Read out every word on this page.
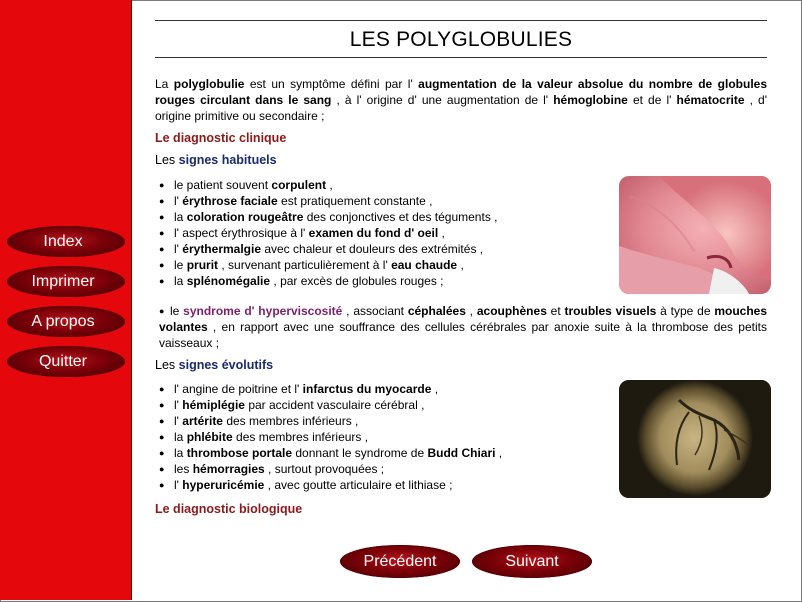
Index
Imprimer
A propos
Quitter
LES POLYGLOBULIES
La polyglobulie est un symptôme défini par l' augmentation de la valeur absolue du nombre de globules rouges circulant dans le sang , à l' origine d' une augmentation de l' hémoglobine et de l' hématocrite , d' origine primitive ou secondaire ;
Le diagnostic clinique
Les signes habituels
● le patient souvent corpulent ,
● l' érythrose faciale est pratiquement constante ,
● la coloration rougeâtre des conjonctives et des téguments ,
● l' aspect érythrosique à l' examen du fond d' oeil ,
● l' érythermalgie avec chaleur et douleurs des extrémités ,
● le prurit , survenant particulièrement à l' eau chaude ,
● la splénomégalie , par excès de globules rouges ;
● le syndrome d' hyperviscosité , associant céphalées , acouphènes et troubles visuels à type de mouches volantes , en rapport avec une souffrance des cellules cérébrales par anoxie suite à la thrombose des petits vaisseaux ;
Les signes évolutifs
● l' angine de poitrine et l' infarctus du myocarde ,
● l' hémiplégie par accident vasculaire cérébral ,
● l' artérite des membres inférieurs ,
● la phlébite des membres inférieurs ,
● la thrombose portale donnant le syndrome de Budd Chiari ,
● les hémorragies , surtout provoquées ;
● l' hyperuricémie , avec goutte articulaire et lithiase ;
Le diagnostic biologique
Précédent	Suivant
